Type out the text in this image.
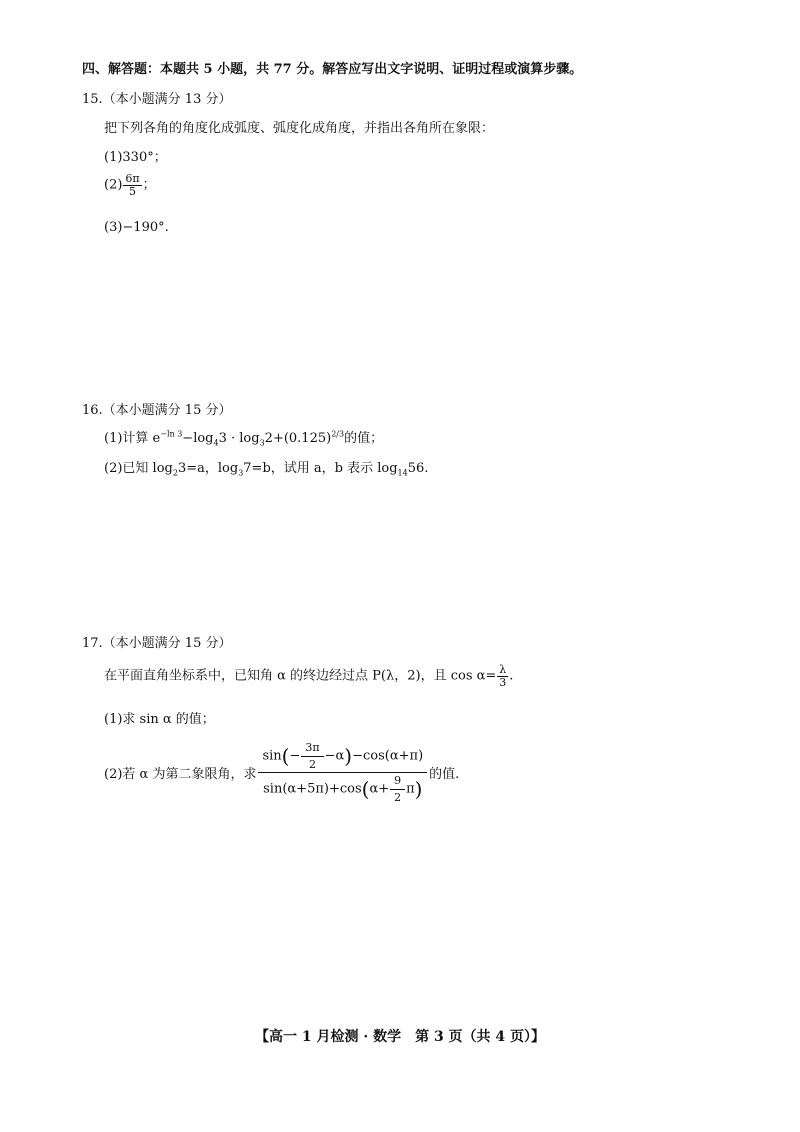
四、解答题：本题共 5 小题，共 77 分。解答应写出文字说明、证明过程或演算步骤。
15.（本小题满分 13 分）
把下列各角的角度化成弧度、弧度化成角度，并指出各角所在象限：
(1)330°；
$(2) \frac{6\pi}{5}$ ；
(3)−190°.
16.（本小题满分 15 分）
(1)计算 $e^{-ln 3}-\log_43 \cdot \log_32+(0.125)^{2/3}$的值；
(2)已知 $\log_23=a$，$\log_37=b$，试用 a，b 表示 $\log_{14}56$.
17.（本小题满分 15 分）
在平面直角坐标系中，已知角 α 的终边经过点 P(λ，2)，且 $\cos \alpha= \frac{\lambda}{3}$ .
(1)求 sin α 的值；
(2)若 α 为第二象限角，求 $\frac{\sin(- \frac{3\pi}{2} -\alpha)-\cos(\alpha+\pi)}{\sin(\alpha+5\pi)+\cos(\alpha+ \frac{9}{2} \pi)}$ 的值.
【高一 1 月检测 · 数学　第 3 页（共 4 页）】
